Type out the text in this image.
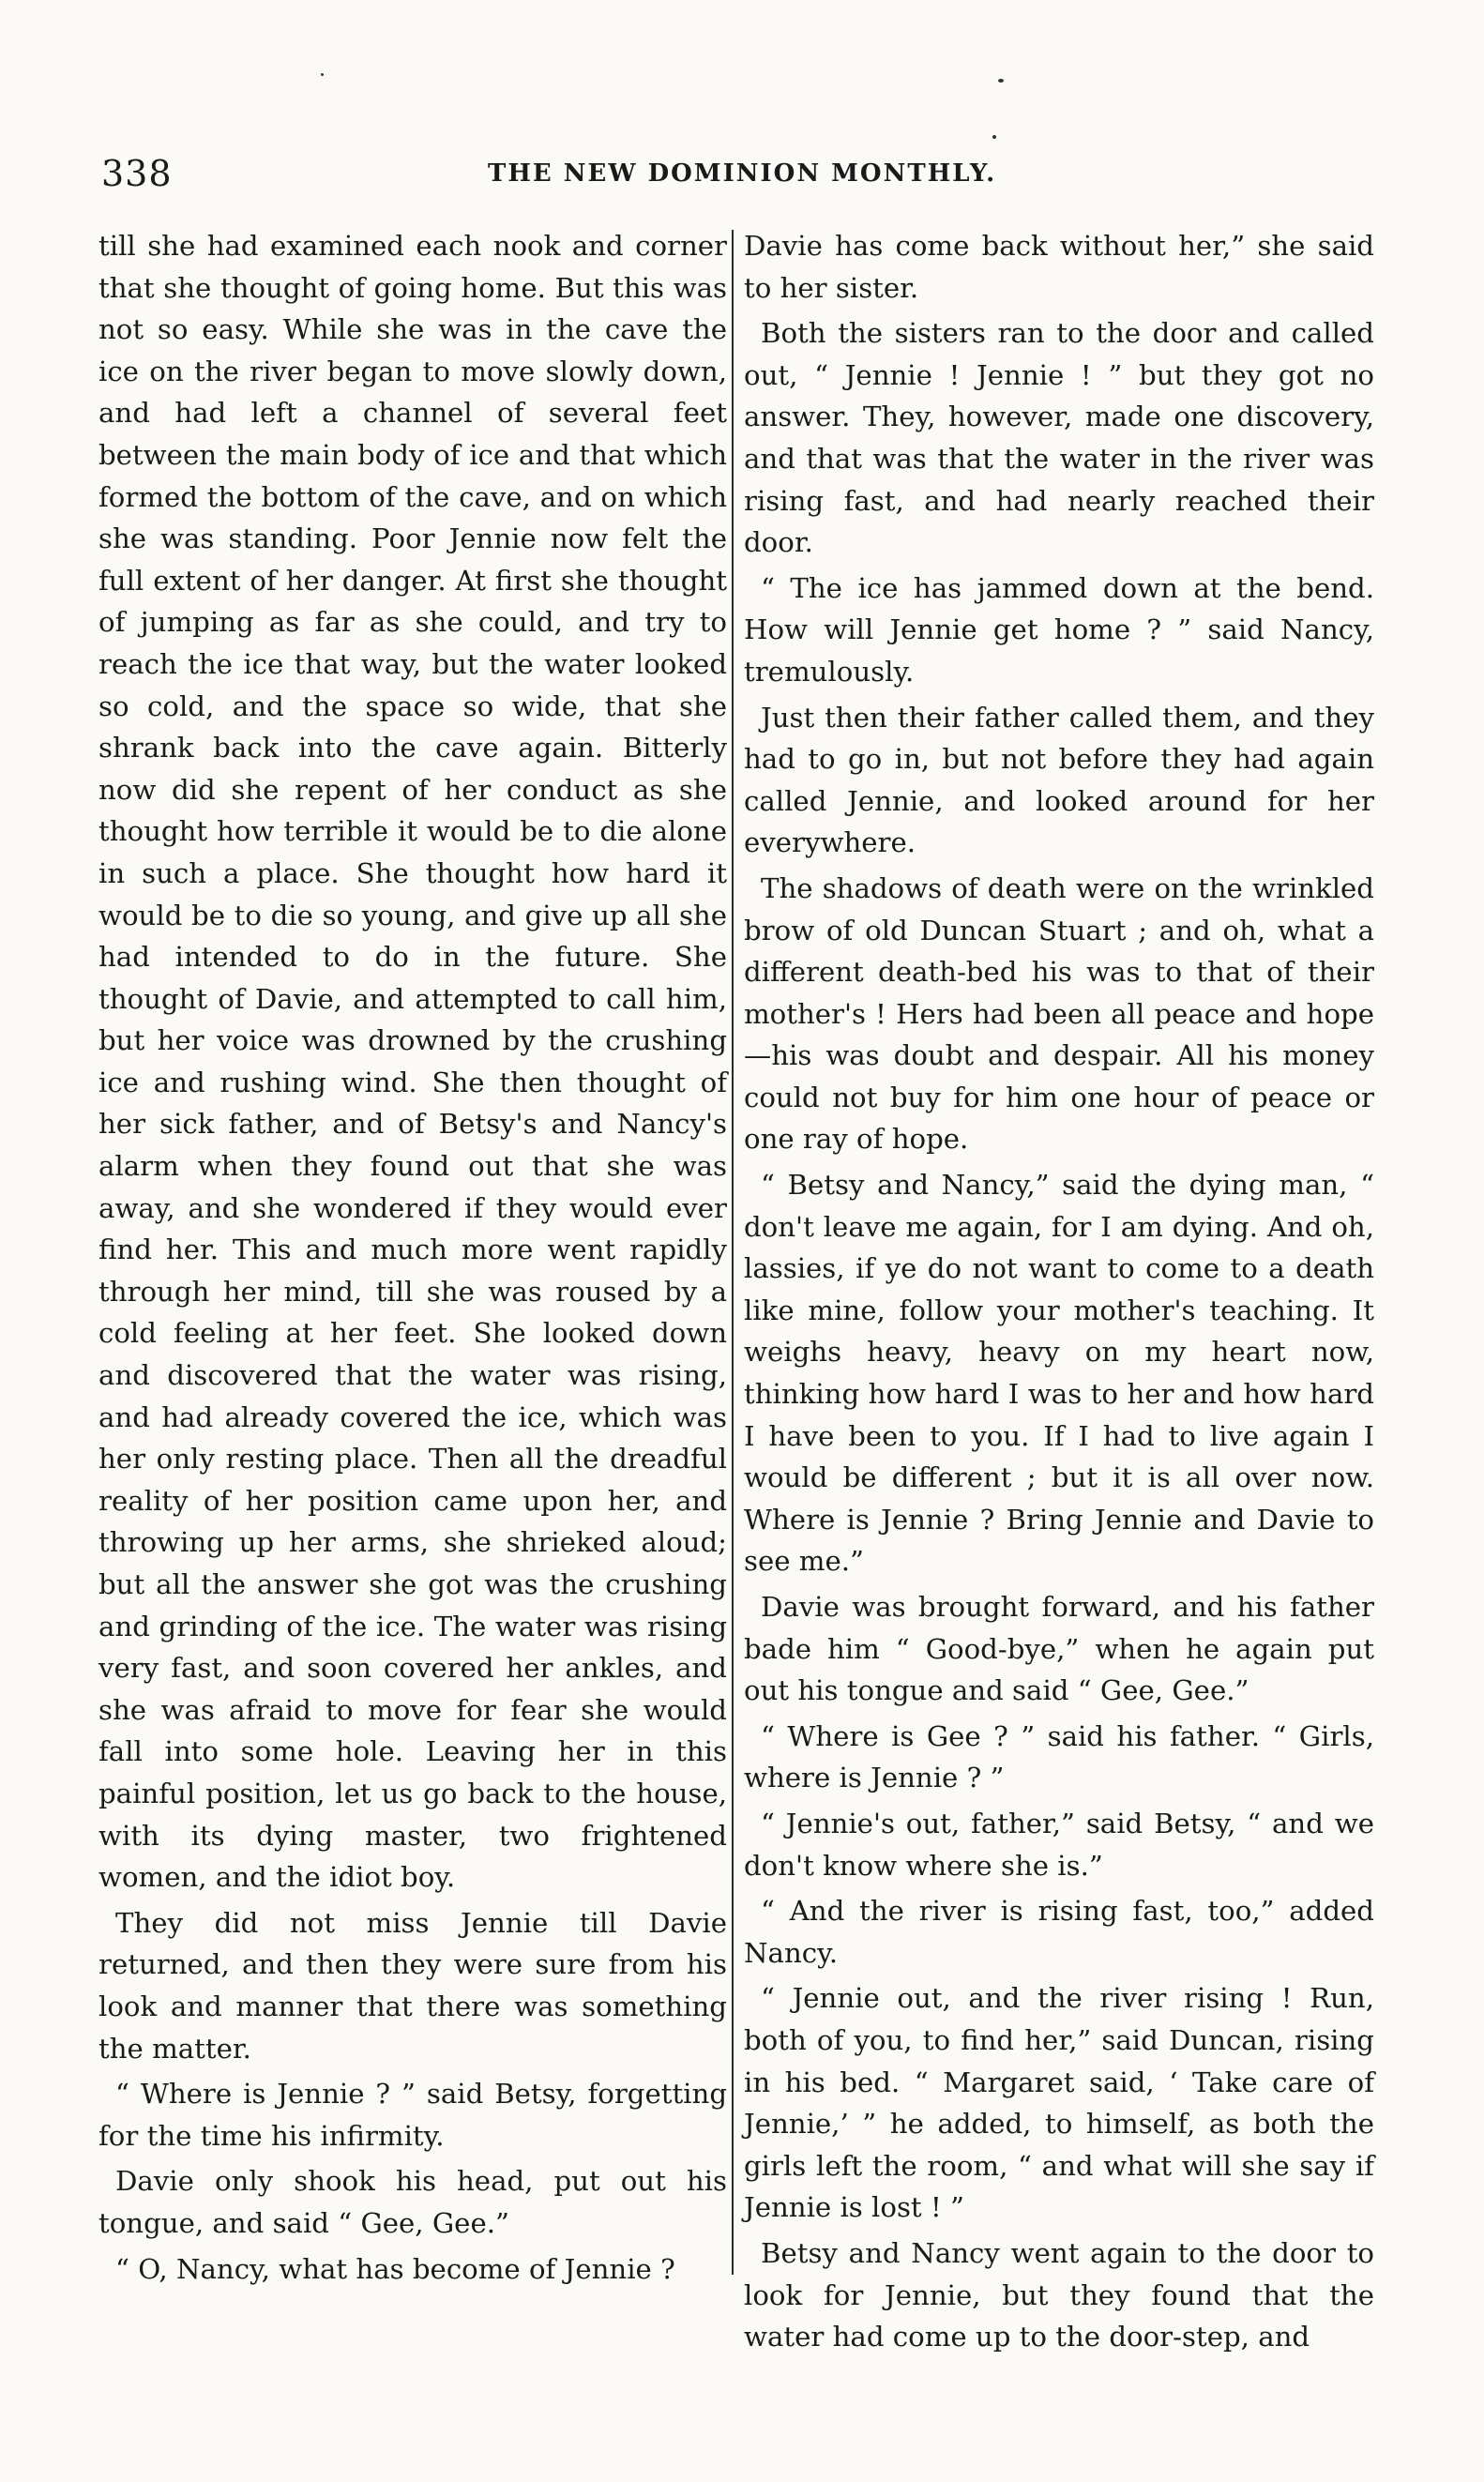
338	THE NEW DOMINION MONTHLY.

till she had examined each nook and corner that she thought of going home. But this was not so easy. While she was in the cave the ice on the river began to move slowly down, and had left a channel of several feet between the main body of ice and that which formed the bottom of the cave, and on which she was standing. Poor Jennie now felt the full extent of her danger. At first she thought of jumping as far as she could, and try to reach the ice that way, but the water looked so cold, and the space so wide, that she shrank back into the cave again. Bitterly now did she repent of her conduct as she thought how terrible it would be to die alone in such a place. She thought how hard it would be to die so young, and give up all she had intended to do in the future. She thought of Davie, and attempted to call him, but her voice was drowned by the crushing ice and rushing wind. She then thought of her sick father, and of Betsy's and Nancy's alarm when they found out that she was away, and she wondered if they would ever find her. This and much more went rapidly through her mind, till she was roused by a cold feeling at her feet. She looked down and discovered that the water was rising, and had already covered the ice, which was her only resting place. Then all the dreadful reality of her position came upon her, and throwing up her arms, she shrieked aloud; but all the answer she got was the crushing and grinding of the ice. The water was rising very fast, and soon covered her ankles, and she was afraid to move for fear she would fall into some hole. Leaving her in this painful position, let us go back to the house, with its dying master, two frightened women, and the idiot boy.

They did not miss Jennie till Davie returned, and then they were sure from his look and manner that there was something the matter.

“ Where is Jennie ? ” said Betsy, forgetting for the time his infirmity.

Davie only shook his head, put out his tongue, and said “ Gee, Gee.”

“ O, Nancy, what has become of Jennie ?

Davie has come back without her,” she said to her sister.

Both the sisters ran to the door and called out, “ Jennie ! Jennie ! ” but they got no answer. They, however, made one discovery, and that was that the water in the river was rising fast, and had nearly reached their door.

“ The ice has jammed down at the bend. How will Jennie get home ? ” said Nancy, tremulously.

Just then their father called them, and they had to go in, but not before they had again called Jennie, and looked around for her everywhere.

The shadows of death were on the wrinkled brow of old Duncan Stuart ; and oh, what a different death-bed his was to that of their mother's ! Hers had been all peace and hope—his was doubt and despair. All his money could not buy for him one hour of peace or one ray of hope.

“ Betsy and Nancy,” said the dying man, “ don't leave me again, for I am dying. And oh, lassies, if ye do not want to come to a death like mine, follow your mother's teaching. It weighs heavy, heavy on my heart now, thinking how hard I was to her and how hard I have been to you. If I had to live again I would be different ; but it is all over now. Where is Jennie ? Bring Jennie and Davie to see me.”

Davie was brought forward, and his father bade him “ Good-bye,” when he again put out his tongue and said “ Gee, Gee.”

“ Where is Gee ? ” said his father. “ Girls, where is Jennie ? ”

“ Jennie's out, father,” said Betsy, “ and we don't know where she is.”

“ And the river is rising fast, too,” added Nancy.

“ Jennie out, and the river rising ! Run, both of you, to find her,” said Duncan, rising in his bed. “ Margaret said, ‘ Take care of Jennie,’ ” he added, to himself, as both the girls left the room, “ and what will she say if Jennie is lost ! ”

Betsy and Nancy went again to the door to look for Jennie, but they found that the water had come up to the door-step, and
